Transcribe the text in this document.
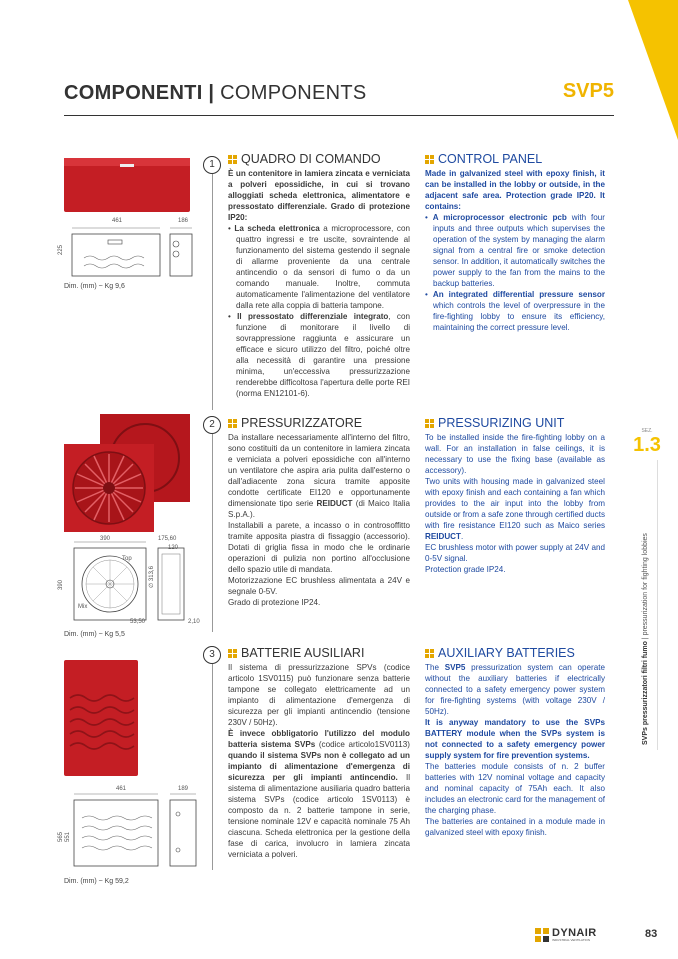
COMPONENTI | COMPONENTS	SVP5
461	186
225
Dim. (mm) ~ Kg 9,6
1	QUADRO DI COMANDO
È un contenitore in lamiera zincata e verniciata a polveri epossidiche, in cui si trovano alloggiati scheda elettronica, alimentatore e pressostato differenziale. Grado di protezione IP20:
• La scheda elettronica a microprocessore, con quattro ingressi e tre uscite, sovraintende al funzionamento del sistema gestendo il segnale di allarme proveniente da una centrale antincendio o da sensori di fumo o da un comando manuale. Inoltre, commuta automaticamente l'alimentazione del ventilatore dalla rete alla coppia di batteria tampone.
• Il pressostato differenziale integrato, con funzione di monitorare il livello di sovrappressione raggiunta e assicurare un efficace e sicuro utilizzo del filtro, poiché oltre alla necessità di garantire una pressione minima, un'eccessiva pressurizzazione renderebbe difficoltosa l'apertura delle porte REI (norma EN12101-6).
CONTROL PANEL
Made in galvanized steel with epoxy finish, it can be installed in the lobby or outside, in the adjacent safe area. Protection grade IP20. It contains:
• A microprocessor electronic pcb with four inputs and three outputs which supervises the operation of the system by managing the alarm signal from a central fire or smoke detection sensor. In addition, it automatically switches the power supply to the fan from the mains to the backup batteries.
• An integrated differential pressure sensor which controls the level of overpressure in the fire-fighting lobby to ensure its efficiency, maintaining the correct pressure level.
390	175,60
120
∅ 313,6
390
Top
Mix
53,50	2,10
Dim. (mm) ~ Kg 5,5
2	PRESSURIZZATORE
Da installare necessariamente all'interno del filtro, sono costituiti da un contenitore in lamiera zincata e verniciata a polveri epossidiche con all'interno un ventilatore che aspira aria pulita dall'esterno o dall'adiacente zona sicura tramite apposite condotte certificate EI120 e opportunamente dimensionate tipo serie REIDUCT (di Maico Italia S.p.A.).
Installabili a parete, a incasso o in controsoffitto tramite apposita piastra di fissaggio (accessorio). Dotati di griglia fissa in modo che le ordinarie operazioni di pulizia non portino all'occlusione dello spazio utile di mandata.
Motorizzazione EC brushless alimentata a 24V e segnale 0-5V.
Grado di protezione IP24.
PRESSURIZING UNIT
To be installed inside the fire-fighting lobby on a wall. For an installation in false ceilings, it is necessary to use the fixing base (available as accessory).
Two units with housing made in galvanized steel with epoxy finish and each containing a fan which provides to the air input into the lobby from outside or from a safe zone through certified ducts with fire resistance EI120 such as Maico series REIDUCT.
EC brushless motor with power supply at 24V and 0-5V signal.
Protection grade IP24.
461	189
565 551
Dim. (mm) ~ Kg 59,2
3	BATTERIE AUSILIARI
Il sistema di pressurizzazione SPVs (codice articolo 1SV0115) può funzionare senza batterie tampone se collegato elettricamente ad un impianto di alimentazione d'emergenza di sicurezza per gli impianti antincendio (tensione 230V / 50Hz).
È invece obbligatorio l'utilizzo del modulo batteria sistema SVPs (codice articolo1SV0113) quando il sistema SVPs non è collegato ad un impianto di alimentazione d'emergenza di sicurezza per gli impianti antincendio. Il sistema di alimentazione ausiliaria quadro batteria sistema SVPs (codice articolo 1SV0113) è composto da n. 2 batterie tampone in serie, tensione nominale 12V e capacità nominale 75 Ah ciascuna. Scheda elettronica per la gestione della fase di carica, involucro in lamiera zincata verniciata a polveri.
AUXILIARY BATTERIES
The SVP5 pressurization system can operate without the auxiliary batteries if electrically connected to a safety emergency power system for fire-fighting systems (with voltage 230V / 50Hz).
It is anyway mandatory to use the SVPs BATTERY module when the SVPs system is not connected to a safety emergency power supply system for fire prevention systems.
The batteries module consists of n. 2 buffer batteries with 12V nominal voltage and capacity and nominal capacity of 75Ah each. It also includes an electronic card for the management of the charging phase.
The batteries are contained in a module made in galvanized steel with epoxy finish.
SEZ.
1.3
SVPs pressurizzatori filtri fumo | pressurization for fighting lobbies
DYNAIR
INDUSTRIAL VENTILATION	83
